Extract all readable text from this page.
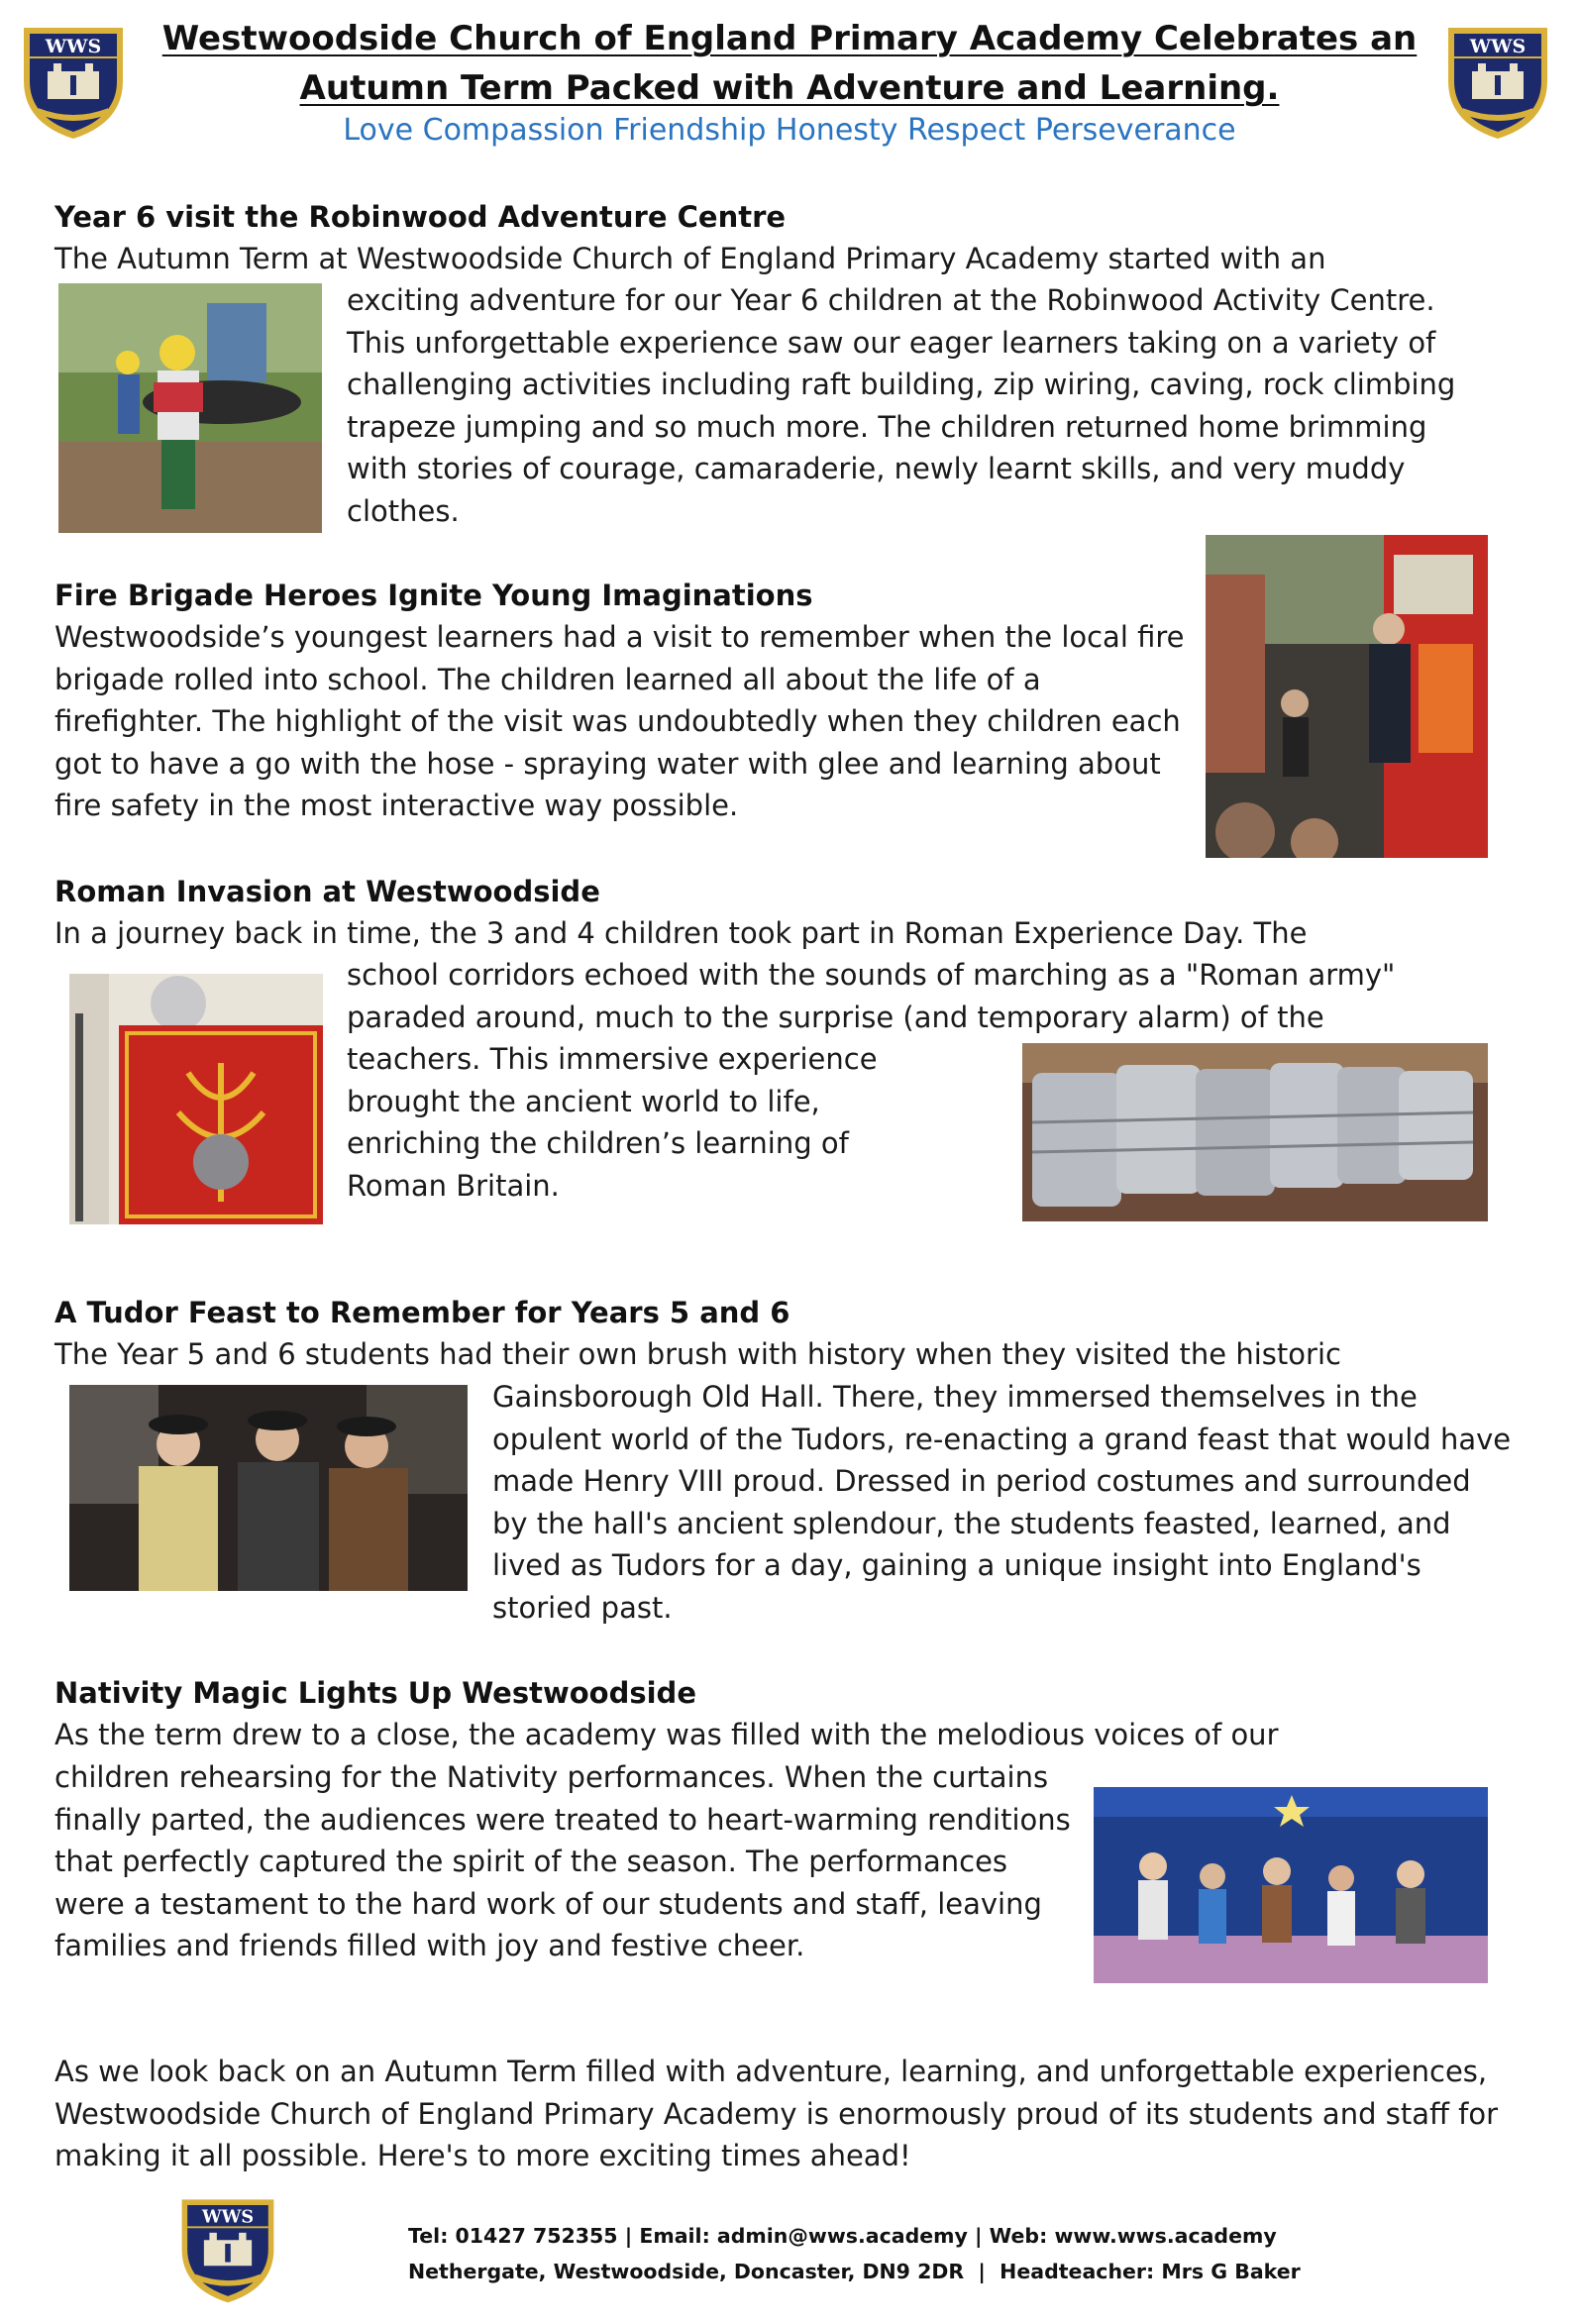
WWS	WWS
Westwoodside Church of England Primary Academy Celebrates an Autumn Term Packed with Adventure and Learning.
Love Compassion Friendship Honesty Respect Perseverance
Year 6 visit the Robinwood Adventure Centre
The Autumn Term at Westwoodside Church of England Primary Academy started with an
exciting adventure for our Year 6 children at the Robinwood Activity Centre. This unforgettable experience saw our eager learners taking on a variety of challenging activities including raft building, zip wiring, caving, rock climbing trapeze jumping and so much more. The children returned home brimming with stories of courage, camaraderie, newly learnt skills, and very muddy clothes.
Fire Brigade Heroes Ignite Young Imaginations
Westwoodside’s youngest learners had a visit to remember when the local fire brigade rolled into school. The children learned all about the life of a firefighter. The highlight of the visit was undoubtedly when they children each got to have a go with the hose - spraying water with glee and learning about fire safety in the most interactive way possible.
Roman Invasion at Westwoodside
In a journey back in time, the 3 and 4 children took part in Roman Experience Day. The
school corridors echoed with the sounds of marching as a "Roman army" paraded around, much to the surprise (and temporary alarm) of the
teachers. This immersive experience brought the ancient world to life, enriching the children’s learning of Roman Britain.
A Tudor Feast to Remember for Years 5 and 6
The Year 5 and 6 students had their own brush with history when they visited the historic
Gainsborough Old Hall. There, they immersed themselves in the opulent world of the Tudors, re-enacting a grand feast that would have made Henry VIII proud. Dressed in period costumes and surrounded by the hall's ancient splendour, the students feasted, learned, and lived as Tudors for a day, gaining a unique insight into England's storied past.
Nativity Magic Lights Up Westwoodside
As the term drew to a close, the academy was filled with the melodious voices of our
children rehearsing for the Nativity performances. When the curtains finally parted, the audiences were treated to heart-warming renditions that perfectly captured the spirit of the season. The performances were a testament to the hard work of our students and staff, leaving families and friends filled with joy and festive cheer.
As we look back on an Autumn Term filled with adventure, learning, and unforgettable experiences, Westwoodside Church of England Primary Academy is enormously proud of its students and staff for making it all possible. Here's to more exciting times ahead!
WWS
Tel: 01427 752355 | Email: admin@wws.academy | Web: www.wws.academy
Nethergate, Westwoodside, Doncaster, DN9 2DR  |  Headteacher: Mrs G Baker
